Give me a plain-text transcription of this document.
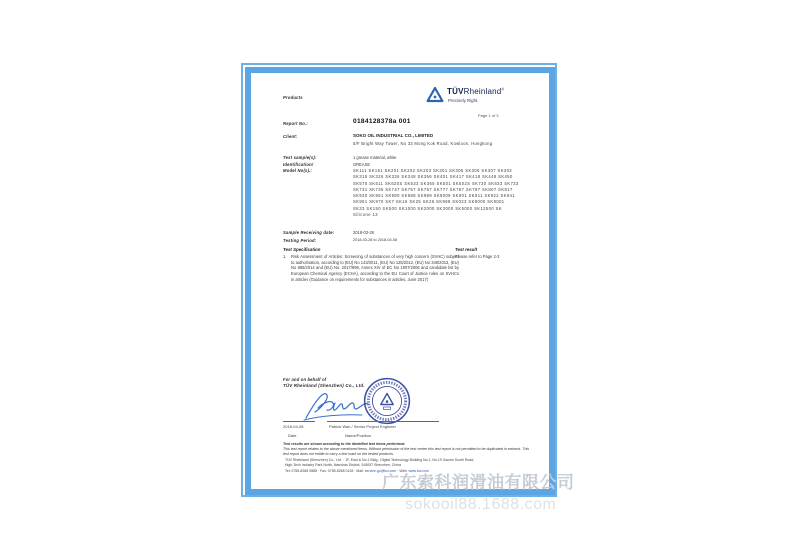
Products
TÜVRheinland®
Precisely Right.
Page 1 of 3
Report No.:	0184128378a 001
Client:	SOKO OIL INDUSTRIAL CO., LIMITED
5/F Bright Way Tower, No 33 Mong Kok Road, Kowloon, Hongkong
Test sample(s):	1 grease material, white
Identification/
Model No(s).:
GREASE
SK111 SK151 SK201 SK202 SK203 SK301 SK305 SK306 SK307 SK302
SK315 SK326 SK336 SK348 SK356 SK401 SK417 SK418 SK448 SK450
SK570 SK611 SK620S SK633 SK365 SK501 SK502S SK730 SK633 SK733
SK731 SK736 SK747 SK757 SK767 SK777 SK787 SK797 SK807 SK817
SK930 SK951 SK980 SK988 SK989 SK9009 SK901 SK911 SK922 SK941
SK951 SK970 SK7 SK16 SK25 SK26 SK988 SK023 SK9000 SK9001
SK33 SK150 SK500 SK1000 SK2000 SK3000 SK5000 SK12500 SK
Silicone 13
Sample Receiving date:	2018-03-28
Testing Period:	2018-03-28 to 2018-04-08
Test Specification	Test result
1. Risk Assessment of Articles: Screening of substances of very high concern (SVHC) subject to authorisation, according to (EU) No 143/2011, (EU) No 125/2012, (EU) No 348/2013, (EU) No 895/2014 and (EU) No. 2017/999, Annex XIV of EC No 1907/2006 and candidate list by European Chemical Agency (ECHA), according to the EU Court of Justice rules on SVHCs in articles (Guidance on requirements for substances in articles, June 2017)
Please refer to Page 2-3
For and on behalf of
TÜV Rheinland (Shenzhen) Co., Ltd.
2018-04-08	Patrick Wan / Senior Project Engineer
Date	Name/Position
Test results are shown according to the identified test items performed.
This test report relates to the above mentioned items. Without permission of the test center this test report is not permitted to be duplicated in extracts. This test report does not entitle to carry a test mark on the tested products.
TÜV Rheinland (Shenzhen) Co., Ltd. · 1F, East & No.1 Bldg., Digital Technology Building No.1, No.19 Gaoxin South Road,
High-Tech Industry Park North, Nanshan District, 518057 Shenzhen, China
Tel: 0755-8268 0888 · Fax: 0755-8268 0128 · Mail: service-gc@tuv.com · Web: www.tuv.com
广东索科润滑油有限公司
sokooil88.1688.com
